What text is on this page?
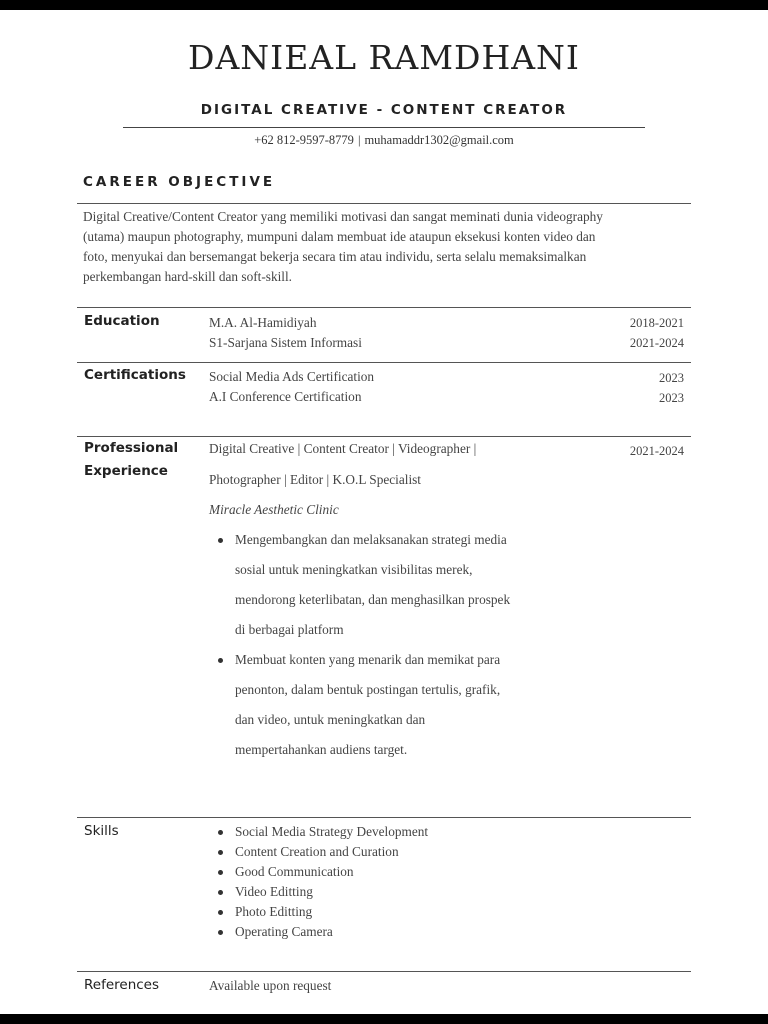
DANIEAL RAMDHANI
DIGITAL CREATIVE - CONTENT CREATOR
+62 812-9597-8779 | muhamaddr1302@gmail.com
CAREER OBJECTIVE

Digital Creative/Content Creator yang memiliki motivasi dan sangat meminati dunia videography
(utama) maupun photography, mumpuni dalam membuat ide ataupun eksekusi konten video dan
foto, menyukai dan bersemangat bekerja secara tim atau individu, serta selalu memaksimalkan
perkembangan hard-skill dan soft-skill.

Education	M.A. Al-Hamidiyah	2018-2021
S1-Sarjana Sistem Informasi	2021-2024
Certifications Social Media Ads Certification	2023
A.I Conference Certification	2023
Professional
Experience
Digital Creative | Content Creator | Videographer |	2021-2024
Photographer | Editor | K.O.L Specialist
Miracle Aesthetic Clinic
Mengembangkan dan melaksanakan strategi media
sosial untuk meningkatkan visibilitas merek,
mendorong keterlibatan, dan menghasilkan prospek
di berbagai platform
Membuat konten yang menarik dan memikat para
penonton, dalam bentuk postingan tertulis, grafik,
dan video, untuk meningkatkan dan
mempertahankan audiens target.
Skills	Social Media Strategy Development
Content Creation and Curation
Good Communication
Video Editting
Photo Editting
Operating Camera
References	Available upon request
